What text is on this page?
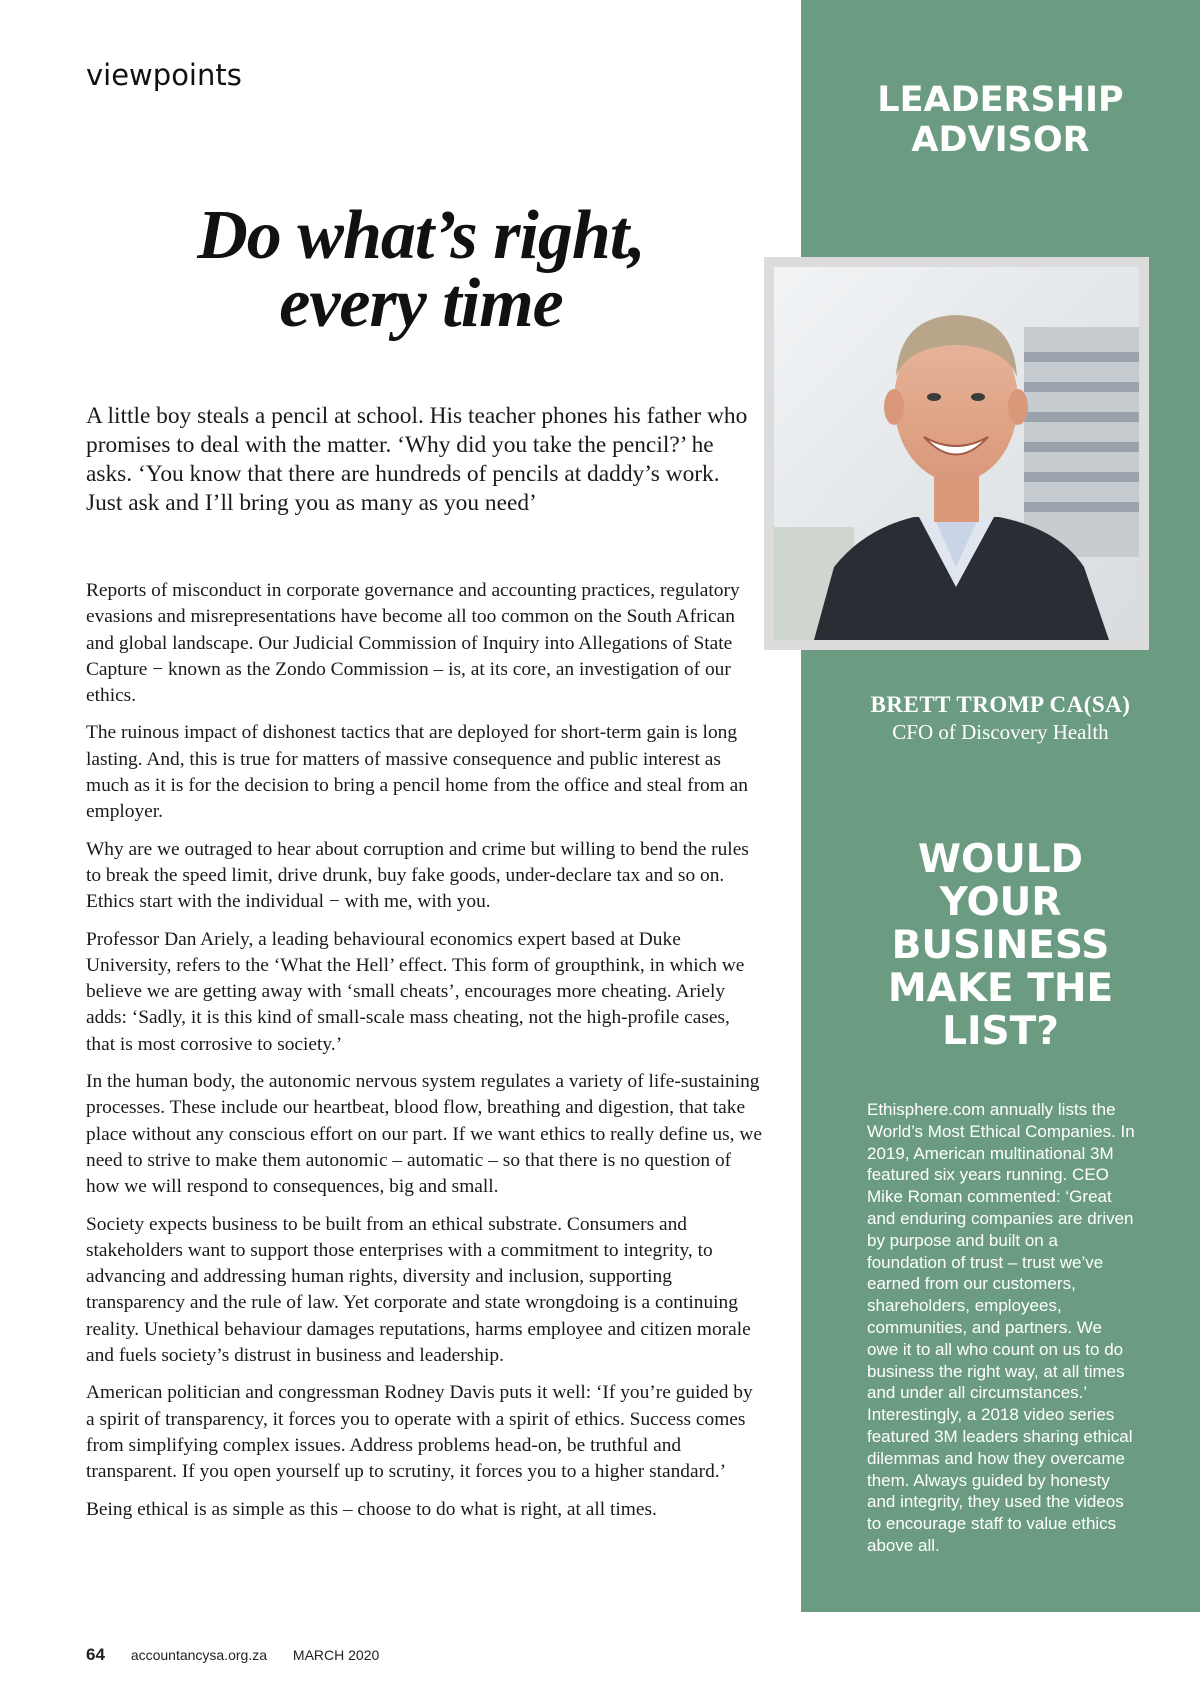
viewpoints
Do what’s right,
every time

A little boy steals a pencil at school. His teacher phones his father who promises to deal with the matter. ‘Why did you take the pencil?’ he asks. ‘You know that there are hundreds of pencils at daddy’s work. Just ask and I’ll bring you as many as you need’

Reports of misconduct in corporate governance and accounting practices, regulatory evasions and misrepresentations have become all too common on the South African and global landscape. Our Judicial Commission of Inquiry into Allegations of State Capture − known as the Zondo Commission – is, at its core, an investigation of our ethics.

The ruinous impact of dishonest tactics that are deployed for short-term gain is long lasting. And, this is true for matters of massive consequence and public interest as much as it is for the decision to bring a pencil home from the office and steal from an employer.

Why are we outraged to hear about corruption and crime but willing to bend the rules to break the speed limit, drive drunk, buy fake goods, under-declare tax and so on. Ethics start with the individual − with me, with you.

Professor Dan Ariely, a leading behavioural economics expert based at Duke University, refers to the ‘What the Hell’ effect. This form of groupthink, in which we believe we are getting away with ‘small cheats’, encourages more cheating. Ariely adds: ‘Sadly, it is this kind of small-scale mass cheating, not the high-profile cases, that is most corrosive to society.’

In the human body, the autonomic nervous system regulates a variety of life-sustaining processes. These include our heartbeat, blood flow, breathing and digestion, that take place without any conscious effort on our part. If we want ethics to really define us, we need to strive to make them autonomic – automatic – so that there is no question of how we will respond to consequences, big and small.

Society expects business to be built from an ethical substrate. Consumers and stakeholders want to support those enterprises with a commitment to integrity, to advancing and addressing human rights, diversity and inclusion, supporting transparency and the rule of law. Yet corporate and state wrongdoing is a continuing reality. Unethical behaviour damages reputations, harms employee and citizen morale and fuels society’s distrust in business and leadership.

American politician and congressman Rodney Davis puts it well: ‘If you’re guided by a spirit of transparency, it forces you to operate with a spirit of ethics. Success comes from simplifying complex issues. Address problems head-on, be truthful and transparent. If you open yourself up to scrutiny, it forces you to a higher standard.’

Being ethical is as simple as this – choose to do what is right, at all times.

LEADERSHIP
ADVISOR
BRETT TROMP CA(SA)
CFO of Discovery Health
WOULD
YOUR
BUSINESS
MAKE THE
LIST?

Ethisphere.com annually lists the World’s Most Ethical Companies. In 2019, American multinational 3M featured six years running. CEO Mike Roman commented: ‘Great and enduring companies are driven by purpose and built on a foundation of trust – trust we’ve earned from our customers, shareholders, employees, communities, and partners. We owe it to all who count on us to do business the right way, at all times and under all circumstances.’ Interestingly, a 2018 video series featured 3M leaders sharing ethical dilemmas and how they overcame them. Always guided by honesty and integrity, they used the videos to encourage staff to value ethics above all.

64 accountancysa.org.za MARCH 2020
